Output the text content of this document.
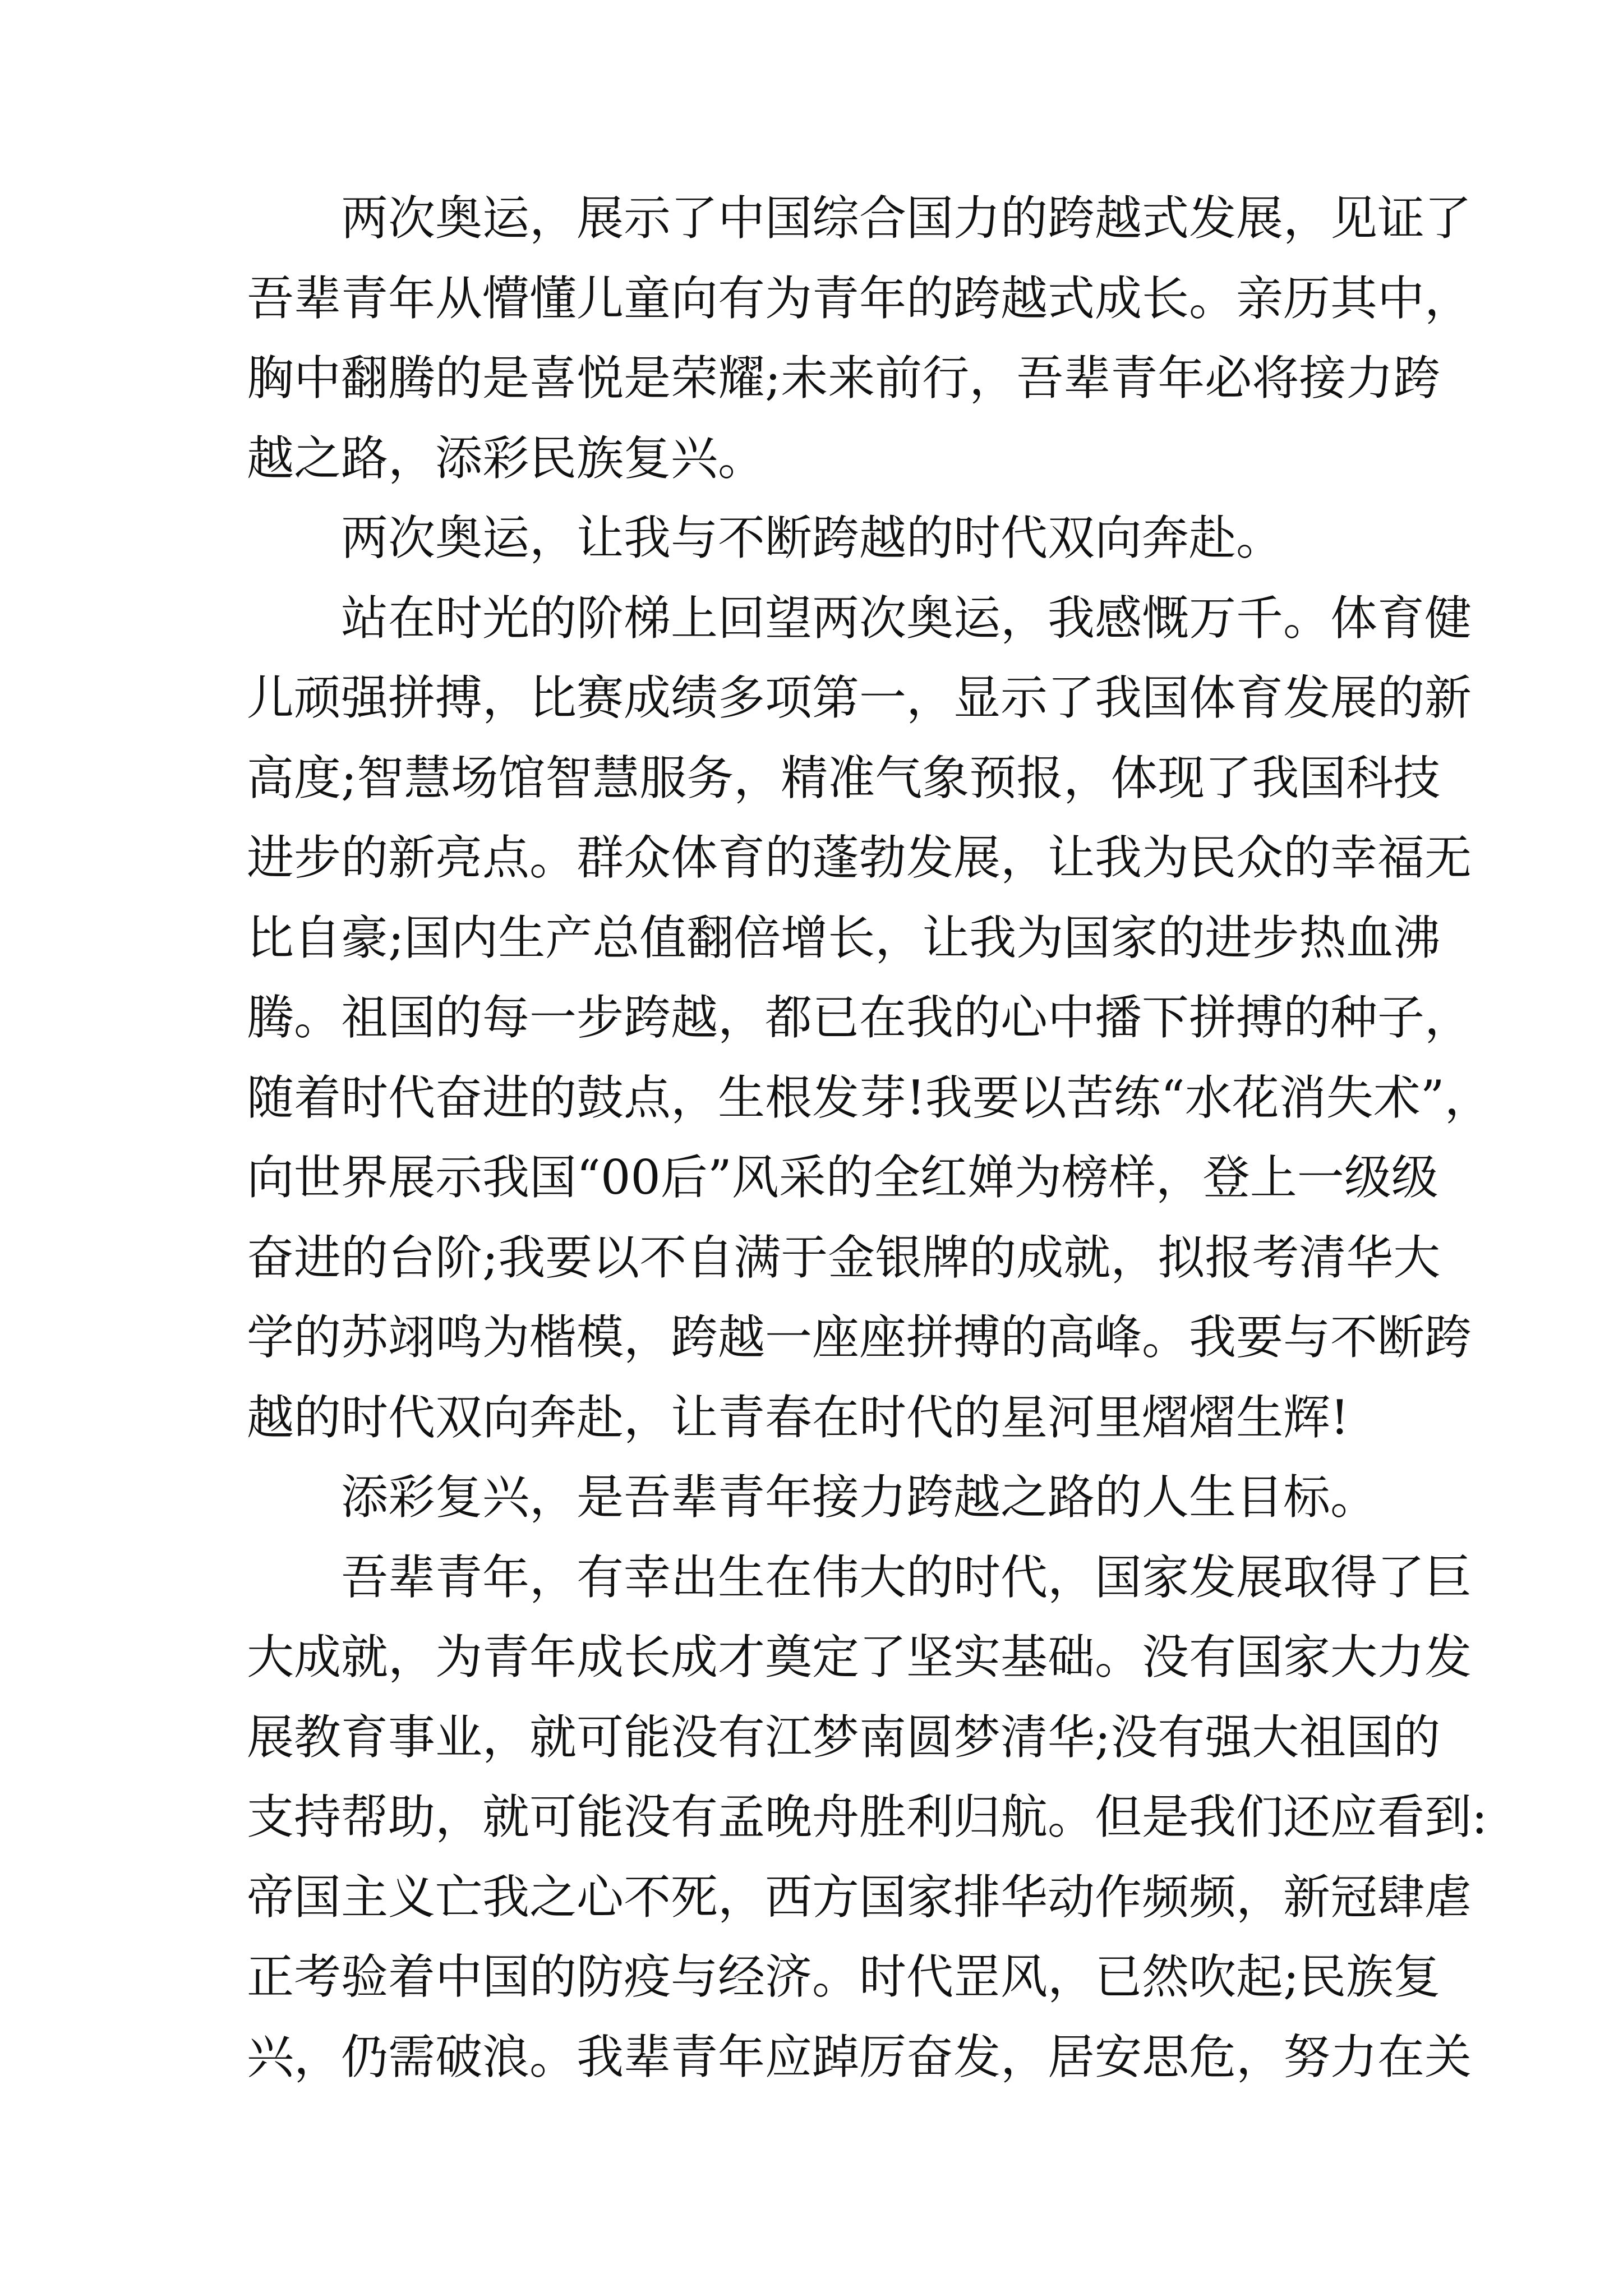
　　两次奥运，展示了中国综合国力的跨越式发展，见证了
吾辈青年从懵懂儿童向有为青年的跨越式成长。亲历其中，
胸中翻腾的是喜悦是荣耀;未来前行，吾辈青年必将接力跨
越之路，添彩民族复兴。
　　两次奥运，让我与不断跨越的时代双向奔赴。
　　站在时光的阶梯上回望两次奥运，我感慨万千。体育健
儿顽强拼搏，比赛成绩多项第一，显示了我国体育发展的新
高度;智慧场馆智慧服务，精准气象预报，体现了我国科技
进步的新亮点。群众体育的蓬勃发展，让我为民众的幸福无
比自豪;国内生产总值翻倍增长，让我为国家的进步热血沸
腾。祖国的每一步跨越，都已在我的心中播下拼搏的种子，
随着时代奋进的鼓点，生根发芽!我要以苦练“水花消失术”，
向世界展示我国“00后”风采的全红婵为榜样，登上一级级
奋进的台阶;我要以不自满于金银牌的成就，拟报考清华大
学的苏翊鸣为楷模，跨越一座座拼搏的高峰。我要与不断跨
越的时代双向奔赴，让青春在时代的星河里熠熠生辉!
　　添彩复兴，是吾辈青年接力跨越之路的人生目标。
　　吾辈青年，有幸出生在伟大的时代，国家发展取得了巨
大成就，为青年成长成才奠定了坚实基础。没有国家大力发
展教育事业，就可能没有江梦南圆梦清华;没有强大祖国的
支持帮助，就可能没有孟晚舟胜利归航。但是我们还应看到:
帝国主义亡我之心不死，西方国家排华动作频频，新冠肆虐
正考验着中国的防疫与经济。时代罡风，已然吹起;民族复
兴，仍需破浪。我辈青年应踔厉奋发，居安思危，努力在关
